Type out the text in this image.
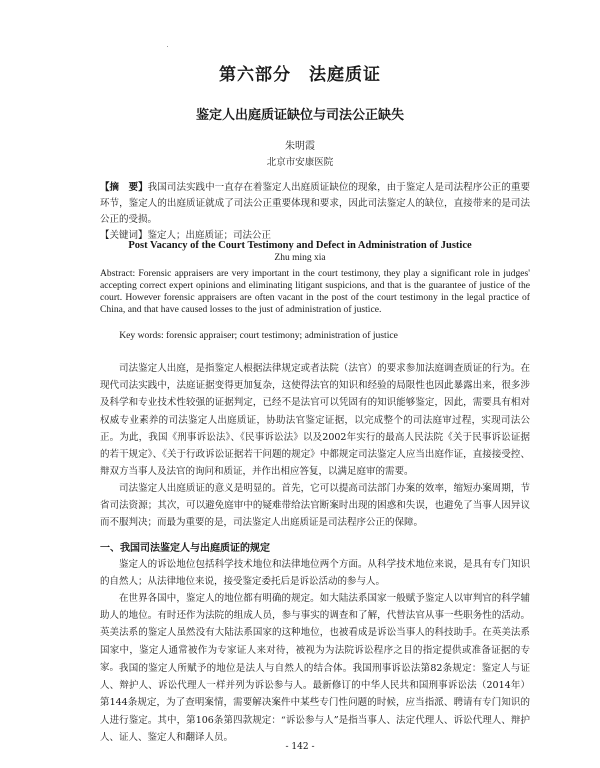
第六部分　法庭质证
鉴定人出庭质证缺位与司法公正缺失
朱明霞
北京市安康医院
【摘　要】我国司法实践中一直存在着鉴定人出庭质证缺位的现象，由于鉴定人是司法程序公正的重要环节，鉴定人的出庭质证就成了司法公正重要体现和要求，因此司法鉴定人的缺位，直接带来的是司法公正的受损。
【关键词】鉴定人；出庭质证；司法公正
Post Vacancy of the Court Testimony and Defect in Administration of Justice
Zhu ming xia
Abstract: Forensic appraisers are very important in the court testimony, they play a significant role in judges' accepting correct expert opinions and eliminating litigant suspicions, and that is the guarantee of justice of the court. However forensic appraisers are often vacant in the post of the court testimony in the legal practice of China, and that have caused losses to the just of administration of justice.
Key words: forensic appraiser; court testimony; administration of justice
司法鉴定人出庭，是指鉴定人根据法律规定或者法院（法官）的要求参加法庭调查质证的行为。在现代司法实践中，法庭证据变得更加复杂，这使得法官的知识和经验的局限性也因此暴露出来，很多涉及科学和专业技术性较强的证据判定，已经不是法官可以凭固有的知识能够鉴定，因此，需要具有相对权威专业素养的司法鉴定人出庭质证，协助法官鉴定证据，以完成整个的司法庭审过程，实现司法公正。为此，我国《刑事诉讼法》、《民事诉讼法》以及2002年实行的最高人民法院《关于民事诉讼证据的若干规定》、《关于行政诉讼证据若干问题的规定》中都规定司法鉴定人应当出庭作证，直接接受控、辩双方当事人及法官的询问和质证，并作出相应答复，以满足庭审的需要。
司法鉴定人出庭质证的意义是明显的。首先，它可以提高司法部门办案的效率，缩短办案周期，节省司法资源；其次，可以避免庭审中的疑难带给法官断案时出现的困惑和失误，也避免了当事人因异议而不服判决；而最为重要的是，司法鉴定人出庭质证是司法程序公正的保障。
一、我国司法鉴定人与出庭质证的规定
鉴定人的诉讼地位包括科学技术地位和法律地位两个方面。从科学技术地位来说，是具有专门知识的自然人；从法律地位来说，接受鉴定委托后是诉讼活动的参与人。
在世界各国中，鉴定人的地位都有明确的规定。如大陆法系国家一般赋予鉴定人以审判官的科学辅助人的地位。有时还作为法院的组成人员，参与事实的调查和了解，代替法官从事一些职务性的活动。英美法系的鉴定人虽然没有大陆法系国家的这种地位，也被看成是诉讼当事人的科技助手。在英美法系国家中，鉴定人通常被作为专家证人来对待，被视为为法院诉讼程序之目的指定提供或准备证据的专家。 我国的鉴定人所赋予的地位是法人与自然人的结合体。我国刑事诉讼法第82条规定：鉴定人与证人、辩护人、诉讼代理人一样并列为诉讼参与人。最新修订的中华人民共和国刑事诉讼法（2014年）第144条规定，为了查明案情，需要解决案件中某些专门性问题的时候，应当指派、聘请有专门知识的人进行鉴定。其中，第106条第四款规定：“诉讼参与人”是指当事人、法定代理人、诉讼代理人、辩护人、证人、鉴定人和翻译人员。
- 142 -
